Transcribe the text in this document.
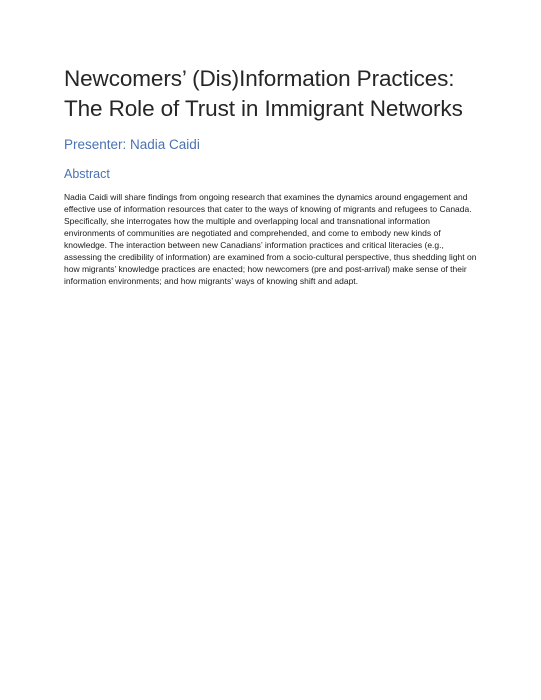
Newcomers’ (Dis)Information Practices:
The Role of Trust in Immigrant Networks

Presenter: Nadia Caidi

Abstract

Nadia Caidi will share findings from ongoing research that examines the dynamics around engagement and effective use of information resources that cater to the ways of knowing of migrants and refugees to Canada. Specifically, she interrogates how the multiple and overlapping local and transnational information environments of communities are negotiated and comprehended, and come to embody new kinds of knowledge. The interaction between new Canadians’ information practices and critical literacies (e.g., assessing the credibility of information) are examined from a socio-cultural perspective, thus shedding light on how migrants’ knowledge practices are enacted; how newcomers (pre and post-arrival) make sense of their information environments; and how migrants’ ways of knowing shift and adapt.
